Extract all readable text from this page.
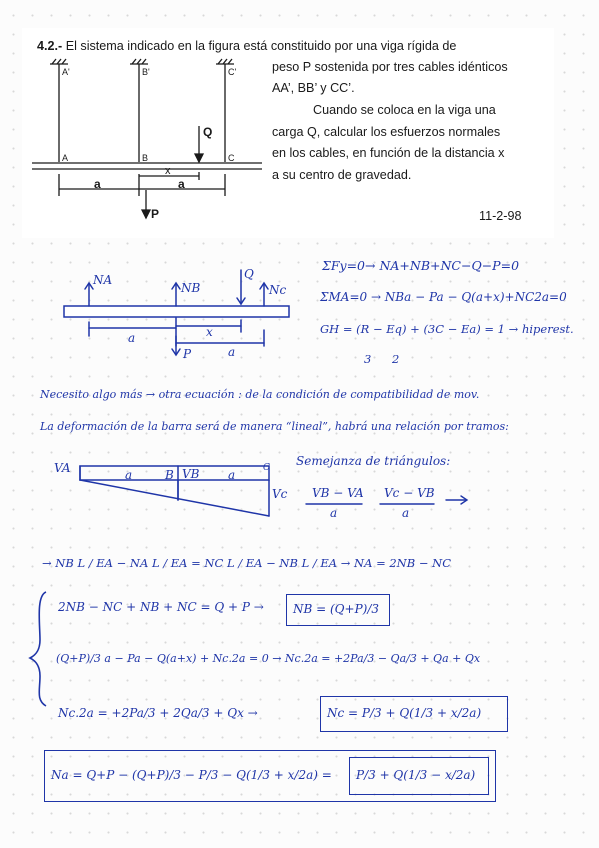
4.2.- El sistema indicado en la figura está constituido por una viga rígida de
peso P sostenida por tres cables idénticos
AA’, BB’ y CC’.
Cuando se coloca en la viga una
carga Q, calcular los esfuerzos normales
en los cables, en función de la distancia x
a su centro de gravedad.
11-2-98
A'	B'	C'
A	B	C
Q
x
a	a
P
NA
NB	Nc
Q
a	x
P	a
VA	a	B VB a	C
Vc
ΣFy=0→ NA+NB+NC−Q−P=0
ΣMA=0 → NBa − Pa − Q(a+x)+NC2a=0
GH = (R − Eq) + (3C − Ea) = 1 → hiperest.
3 2
Necesito algo más → otra ecuación : de la condición de compatibilidad de mov.
La deformación de la barra será de manera “lineal”, habrá una relación por tramos:
Semejanza de triángulos:
VB − VA
a
Vc − VB
a
→ NB L / EA − NA L / EA = NC L / EA − NB L / EA → NA = 2NB − NC
2NB − NC + NB + NC = Q + P → NB = (Q+P)/3
(Q+P)/3 a − Pa − Q(a+x) + Nc.2a = 0 → Nc.2a = +2Pa/3 − Qa/3 + Qa + Qx
Nc.2a = +2Pa/3 + 2Qa/3 + Qx →	Nc = P/3 + Q(1/3 + x/2a)
Na = Q+P − (Q+P)/3 − P/3 − Q(1/3 + x/2a) = P/3 + Q(1/3 − x/2a)
